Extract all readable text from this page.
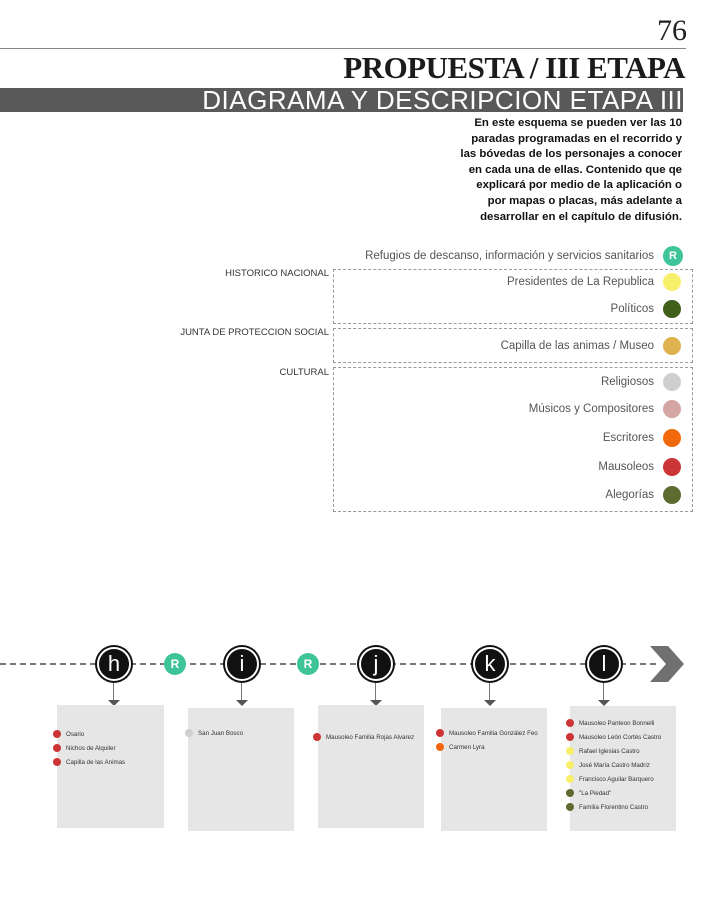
76
PROPUESTA / III ETAPA
DIAGRAMA Y DESCRIPCION ETAPA III
En este esquema se pueden ver las 10 paradas programadas en el recorrido y las bóvedas de los personajes a conocer en cada una de ellas. Contenido que qe explicará por medio de la aplicación o por mapas o placas, más adelante a desarrollar en el capítulo de difusión.
Refugios de descanso, información y servicios sanitarios	R
HISTORICO NACIONAL
Presidentes de La Republica
Políticos
JUNTA DE PROTECCION SOCIAL
Capilla de las animas / Museo
CULTURAL
Religiosos
Músicos y Compositores
Escritores
Mausoleos
Alegorías
h
Osario
Nichos de Alquiler
Capilla de las Animas
R	i
San Juan Bosco
R	j
Mausoleo Familia Rojas Alvarez
k
Mausoleo Familia González Feo
Carmen Lyra
l
Mausoleo Panteon Bonnelli
Mausoleo León Cortés Castro
Rafael Iglesias Castro
José María Castro Madriz
Francisco Aguilar Barquero
"La Piedad"
Familia Florentino Castro
